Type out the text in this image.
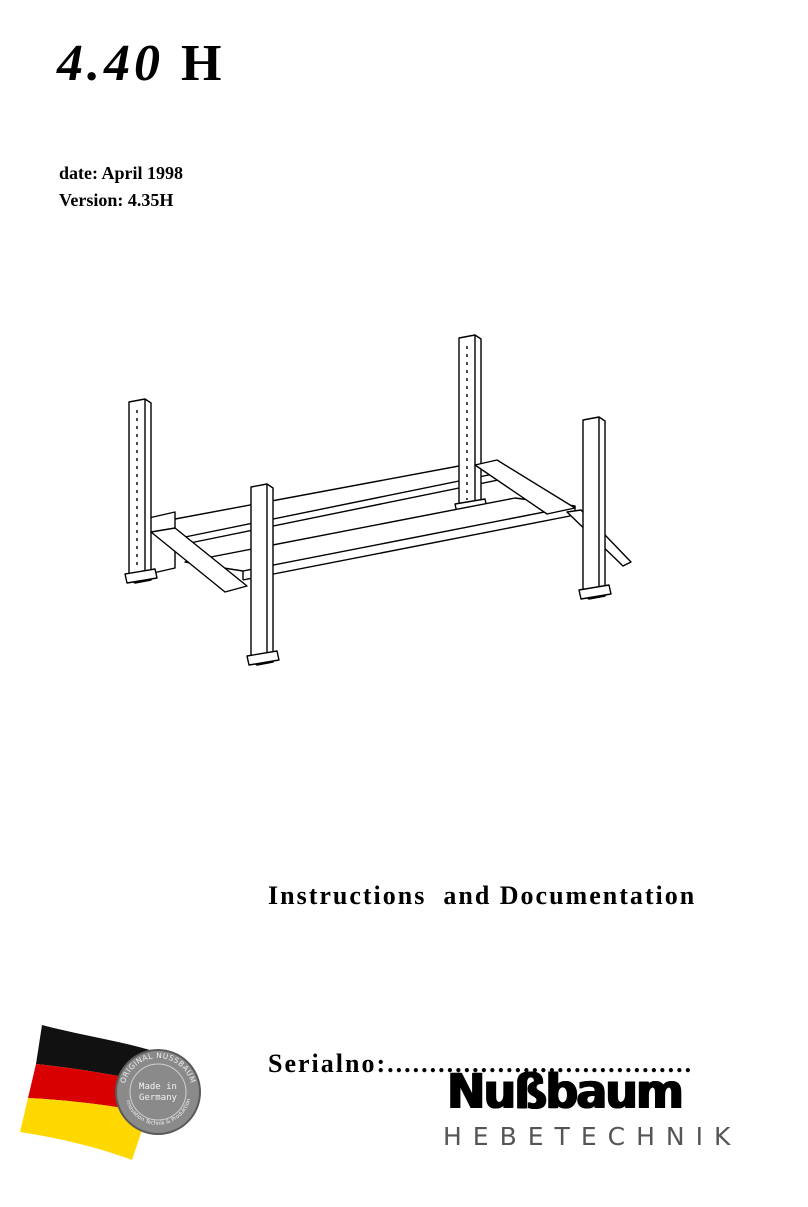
4.40 H
date: April 1998
Version: 4.35H

Instructions  and Documentation

Serialno:....................................

ORIGINAL NUSSBAUM
nnovation Technik & Produktion
Made in
Germany	Nußbaum
HEBETECHNIK
